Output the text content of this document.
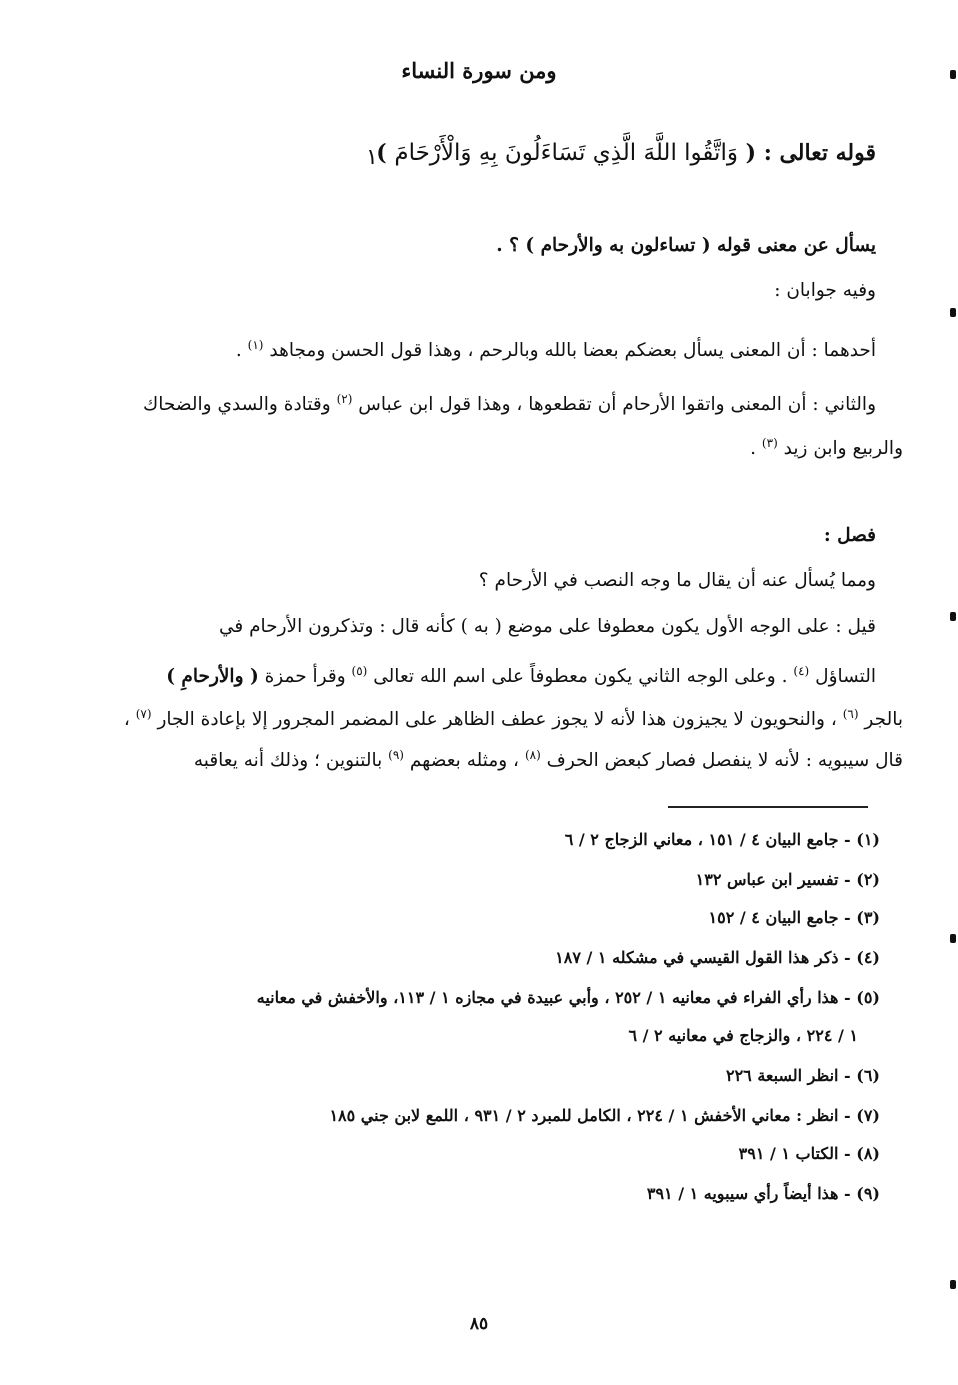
ومن سورة النساء
قوله تعالى : ( وَاتَّقُوا اللَّهَ الَّذِي تَسَاءَلُونَ بِهِ وَالْأَرْحَامَ )
١
يسأل عن معنى قوله ( تساءلون به والأرحام ) ؟ .
وفيه جوابان :
أحدهما : أن المعنى يسأل بعضكم بعضا بالله وبالرحم ، وهذا قول الحسن ومجاهد $^{(١)}$ .
والثاني : أن المعنى واتقوا الأرحام أن تقطعوها ، وهذا قول ابن عباس $^{(٢)}$ وقتادة والسدي والضحاك
والربيع وابن زيد $^{(٣)}$ .
فصل :
ومما يُسأل عنه أن يقال ما وجه النصب في الأرحام ؟
قيل : على الوجه الأول يكون معطوفا على موضع ( به ) كأنه قال : وتذكرون الأرحام في
التساؤل $^{(٤)}$ . وعلى الوجه الثاني يكون معطوفاً على اسم الله تعالى $^{(٥)}$ وقرأ حمزة ( والأرحامِ )
بالجر $^{(٦)}$ ، والنحويون لا يجيزون هذا لأنه لا يجوز عطف الظاهر على المضمر المجرور إلا بإعادة الجار $^{(٧)}$ ،
قال سيبويه : لأنه لا ينفصل فصار كبعض الحرف $^{(٨)}$ ، ومثله بعضهم $^{(٩)}$ بالتنوين ؛ وذلك أنه يعاقبه
(١) - جامع البيان ٤ / ١٥١ ، معاني الزجاج ٢ / ٦
(٢) - تفسير ابن عباس ١٣٢
(٣) - جامع البيان ٤ / ١٥٢
(٤) - ذكر هذا القول القيسي في مشكله ١ / ١٨٧
(٥) - هذا رأي الفراء في معانيه ١ / ٢٥٢ ، وأبي عبيدة في مجازه ١ / ١١٣، والأخفش في معانيه
١ / ٢٢٤ ، والزجاج في معانيه ٢ / ٦
(٦) - انظر السبعة ٢٢٦
(٧) - انظر : معاني الأخفش ١ / ٢٢٤ ، الكامل للمبرد ٢ / ٩٣١ ، اللمع لابن جني ١٨٥
(٨) - الكتاب ١ / ٣٩١
(٩) - هذا أيضاً رأي سيبويه ١ / ٣٩١
٨٥
